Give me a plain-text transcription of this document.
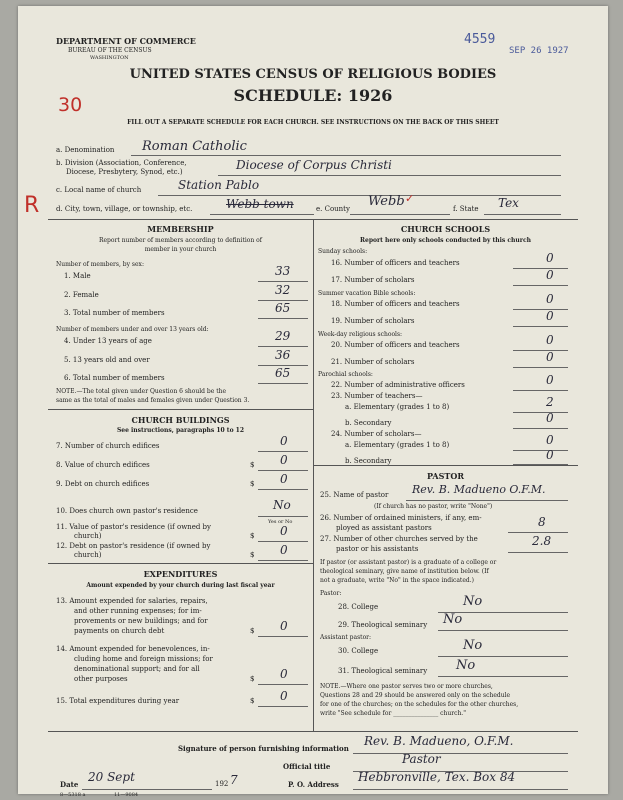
DEPARTMENT OF COMMERCE
BUREAU OF THE CENSUS
WASHINGTON
4559
SEP 26 1927
UNITED STATES CENSUS OF RELIGIOUS BODIES
SCHEDULE: 1926
30
FILL OUT A SEPARATE SCHEDULE FOR EACH CHURCH. SEE INSTRUCTIONS ON THE BACK OF THIS SHEET
a. Denomination Roman Catholic
b. Division (Association, Conference,
Diocese, Presbytery, Synod, etc.)	Diocese of Corpus Christi
c. Local name of church	Station Pablo
R d. City, town, village, or township, etc.	Webb town	e. County Webb ✓
f. State Tex
MEMBERSHIP
Report number of members according to definition of
member in your church
Number of members, by sex:
1. Male	33
2. Female	32
3. Total number of members	65
Number of members under and over 13 years old:
4. Under 13 years of age	29
5. 13 years old and over	36
6. Total number of members	65
NOTE.—The total given under Question 6 should be the
same as the total of males and females given under Question 3.
CHURCH BUILDINGS
See instructions, paragraphs 10 to 12
7. Number of church edifices	0
8. Value of church edifices	$ 0
9. Debt on church edifices	$ 0
10. Does church own pastor's residence	No
Yes or No
11. Value of pastor's residence (if owned by
church)	$ 0
12. Debt on pastor's residence (if owned by
church)	$ 0
EXPENDITURES
Amount expended by your church during last fiscal year
13. Amount expended for salaries, repairs,
and other running expenses; for im-
provements or new buildings; and for
payments on church debt	$ 0
14. Amount expended for benevolences, in-
cluding home and foreign missions; for
denominational support; and for all
other purposes	$ 0
15. Total expenditures during year	$ 0
CHURCH SCHOOLS
Report here only schools conducted by this church
Sunday schools:
16. Number of officers and teachers	0
17. Number of scholars	0
Summer vacation Bible schools:
18. Number of officers and teachers	0
19. Number of scholars	0
Week-day religious schools:
20. Number of officers and teachers	0
21. Number of scholars	0
Parochial schools:
22. Number of administrative officers	0
23. Number of teachers—
a. Elementary (grades 1 to 8)	2
b. Secondary	0
24. Number of scholars—
a. Elementary (grades 1 to 8)	0
b. Secondary	0
PASTOR
25. Name of pastor Rev. B. Madueno O.F.M.
(If church has no pastor, write "None")
26. Number of ordained ministers, if any, em-
ployed as assistant pastors	8
27. Number of other churches served by the
pastor or his assistants
2.8
If pastor (or assistant pastor) is a graduate of a college or
theological seminary, give name of institution below. (If
not a graduate, write "No" in the space indicated.)
Pastor:
28. College	No
29. Theological seminary No
Assistant pastor:
30. College	No
31. Theological seminary No
NOTE.—Where one pastor serves two or more churches,
Questions 28 and 29 should be answered only on the schedule
for one of the churches; on the schedules for the other churches,
write "See schedule for _______________ church."
Signature of person furnishing information
Rev. B. Madueno, O.F.M.
Official title
Pastor
Date
20 Sept	192 7
8—5318 a	11—9084
P. O. Address
Hebbronville, Tex. Box 84
